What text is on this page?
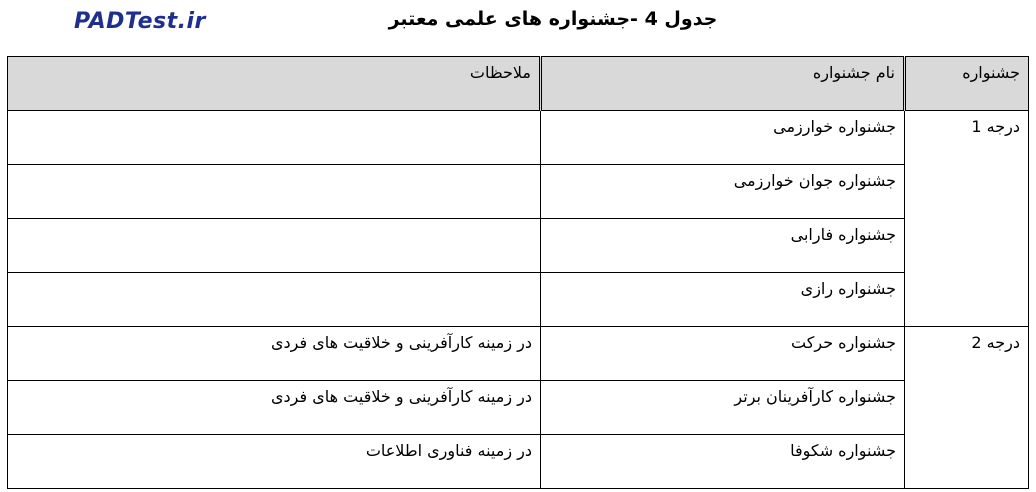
PADTest.ir	جدول 4 -جشنواره های علمی معتبر
جشنواره	نام جشنواره	ملاحظات
درجه 1	جشنواره خوارزمی	
	جشنواره جوان خوارزمی	
	جشنواره فارابی	
	جشنواره رازی	
درجه 2	جشنواره حرکت	در زمینه کارآفرینی و خلاقیت های فردی
	جشنواره کارآفرینان برتر	در زمینه کارآفرینی و خلاقیت های فردی
	جشنواره شکوفا	در زمینه فناوری اطلاعات
